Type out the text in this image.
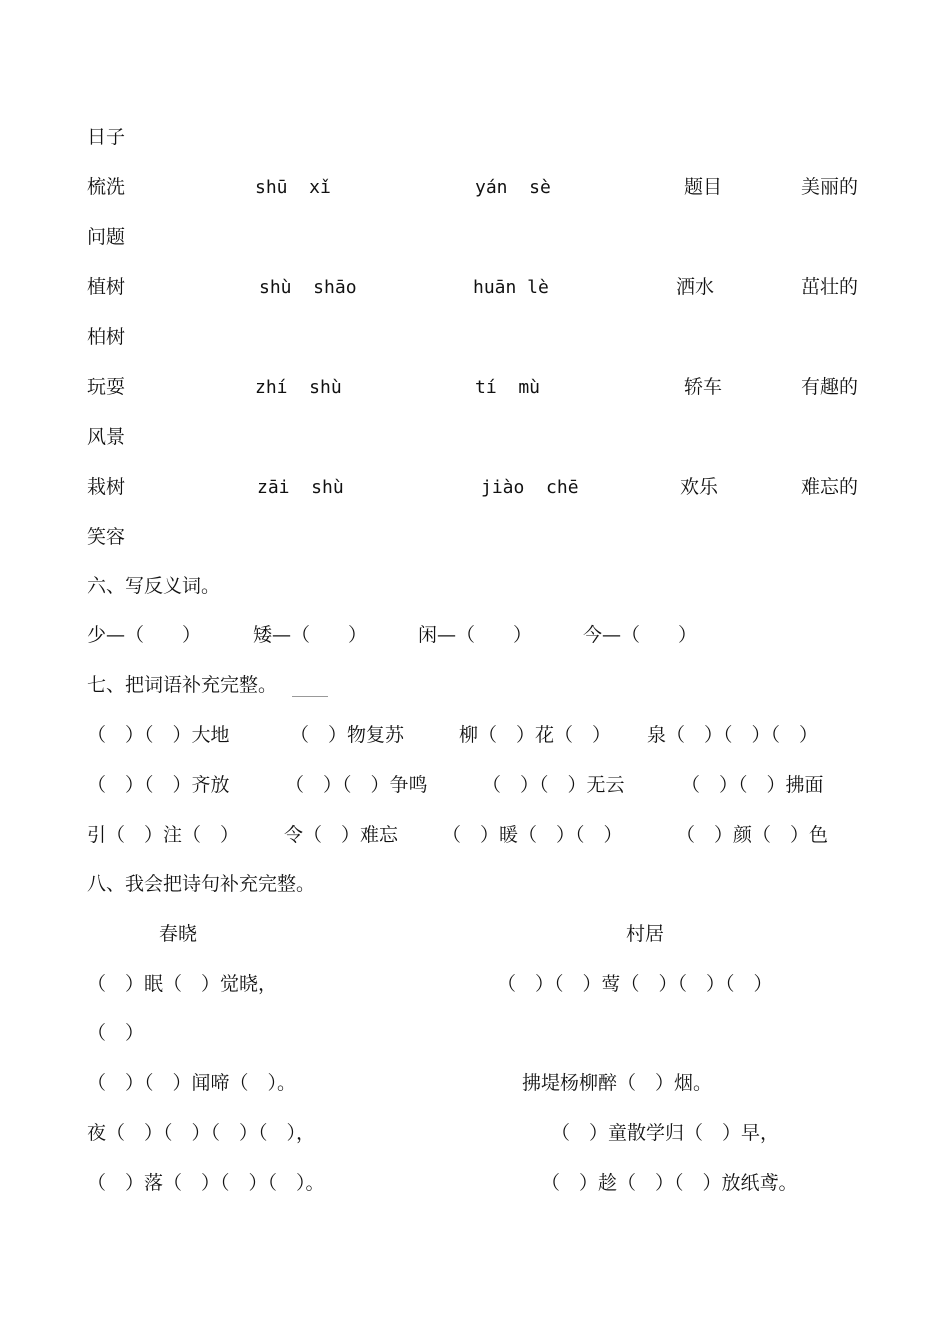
日子
梳洗	shū  xǐ	yán  sè	题目	美丽的
问题
植树	shù  shāo	huān lè	洒水	茁壮的
柏树
玩耍	zhí  shù	tí  mù	轿车	有趣的
风景
栽树	zāi  shù	jiào  chē	欢乐	难忘的
笑容
六、写反义词。
少—（　　）	矮—（　　）	闲—（　　）	今—（　　）
七、把词语补充完整。
（　）（　）大地	（　）物复苏	柳（　）花（　） 泉（　）（　）（　）
（　）（　）齐放	（　）（　）争鸣	（　）（　）无云	（　）（　）拂面
引（　）注（　） 令（　）难忘 （　）暖（　）（　）	（　）颜（　）色
八、我会把诗句补充完整。
春晓	村居
（　）眠（　）觉晓，	（　）（　）莺（　）（　）（　）
（　）
（　）（　）闻啼（　）。	拂堤杨柳醉（　）烟。
夜（　）（　）（　）（　），	（　）童散学归（　）早，
（　）落（　）（　）（　）。	（　）趁（　）（　）放纸鸢。
